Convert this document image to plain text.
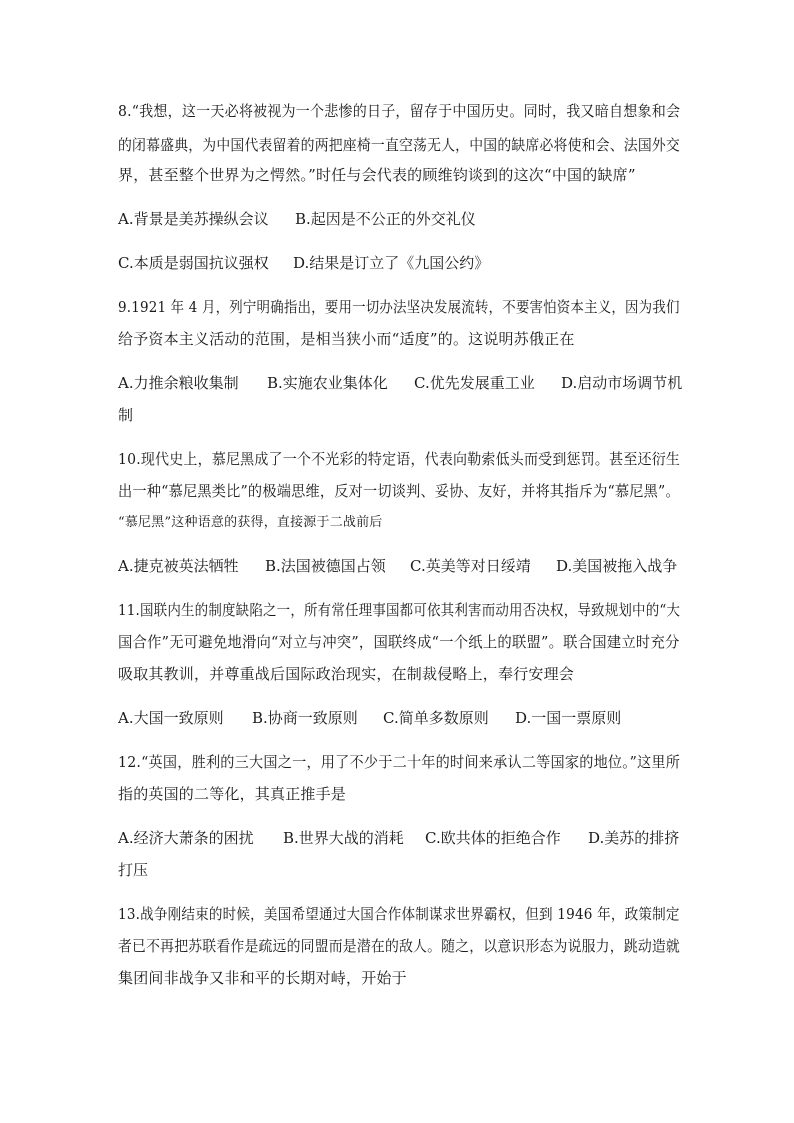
8.“我想，这一天必将被视为一个悲惨的日子，留存于中国历史。同时，我又暗自想象和会
的闭幕盛典，为中国代表留着的两把座椅一直空荡无人，中国的缺席必将使和会、法国外交
界，甚至整个世界为之愕然。”时任与会代表的顾维钧谈到的这次“中国的缺席”
A.背景是美苏操纵会议 B.起因是不公正的外交礼仪
C.本质是弱国抗议强权 D.结果是订立了《九国公约》
9.1921 年 4 月，列宁明确指出，要用一切办法坚决发展流转，不要害怕资本主义，因为我们
给予资本主义活动的范围，是相当狭小而“适度”的。这说明苏俄正在
A.力推余粮收集制 B.实施农业集体化 C.优先发展重工业 D.启动市场调节机
制
10.现代史上，慕尼黑成了一个不光彩的特定语，代表向勒索低头而受到惩罚。甚至还衍生
出一种“慕尼黑类比”的极端思维，反对一切谈判、妥协、友好，并将其指斥为“慕尼黑”。
“慕尼黑”这种语意的获得，直接源于二战前后
A.捷克被英法牺牲 B.法国被德国占领 C.英美等对日绥靖 D.美国被拖入战争
11.国联内生的制度缺陷之一，所有常任理事国都可依其利害而动用否决权，导致规划中的“大
国合作”无可避免地滑向“对立与冲突”，国联终成“一个纸上的联盟”。联合国建立时充分
吸取其教训，并尊重战后国际政治现实，在制裁侵略上，奉行安理会
A.大国一致原则 B.协商一致原则 C.简单多数原则 D.一国一票原则
12.“英国，胜利的三大国之一，用了不少于二十年的时间来承认二等国家的地位。”这里所
指的英国的二等化，其真正推手是
A.经济大萧条的困扰 B.世界大战的消耗 C.欧共体的拒绝合作 D.美苏的排挤
打压
13.战争刚结束的时候，美国希望通过大国合作体制谋求世界霸权，但到 1946 年，政策制定
者已不再把苏联看作是疏远的同盟而是潜在的敌人。随之，以意识形态为说服力，跳动造就
集团间非战争又非和平的长期对峙，开始于
